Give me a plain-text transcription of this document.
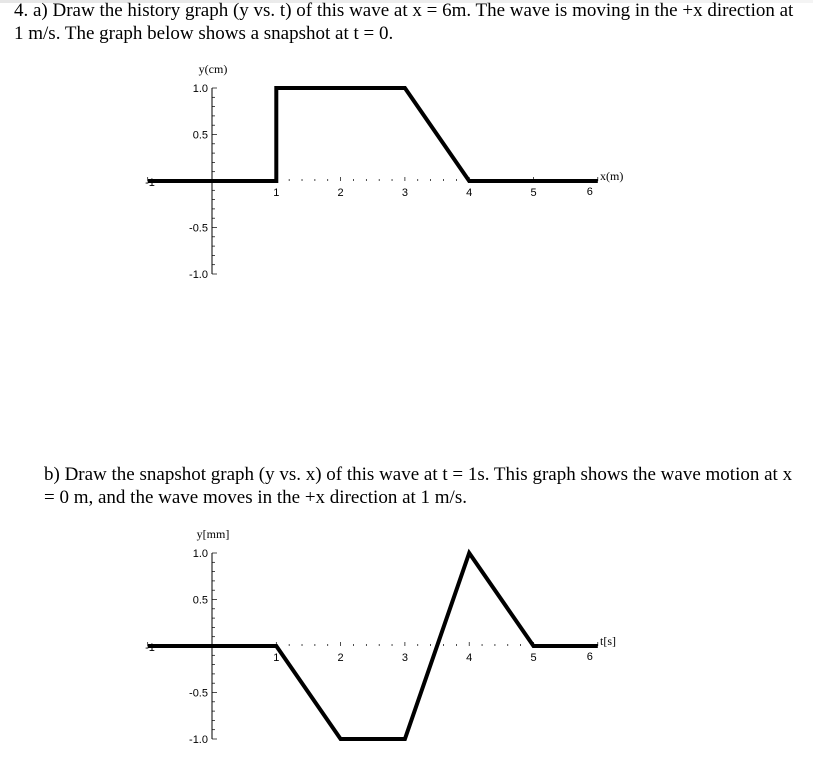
4. a) Draw the history graph (y vs. t) of this wave at x = 6m. The wave is moving in the +x direction at 1 m/s. The graph below shows a snapshot at t = 0.

1.0
0.5
-0.5
-1.0
-1
1	2	3	4	5	6
y(cm)
x(m)

b) Draw the snapshot graph (y vs. x) of this wave at t = 1s. This graph shows the wave motion at x = 0 m, and the wave moves in the +x direction at 1 m/s.

1.0
0.5
-0.5
-1.0
-1
1	2	3	4	5	6
y[mm]
t[s]
